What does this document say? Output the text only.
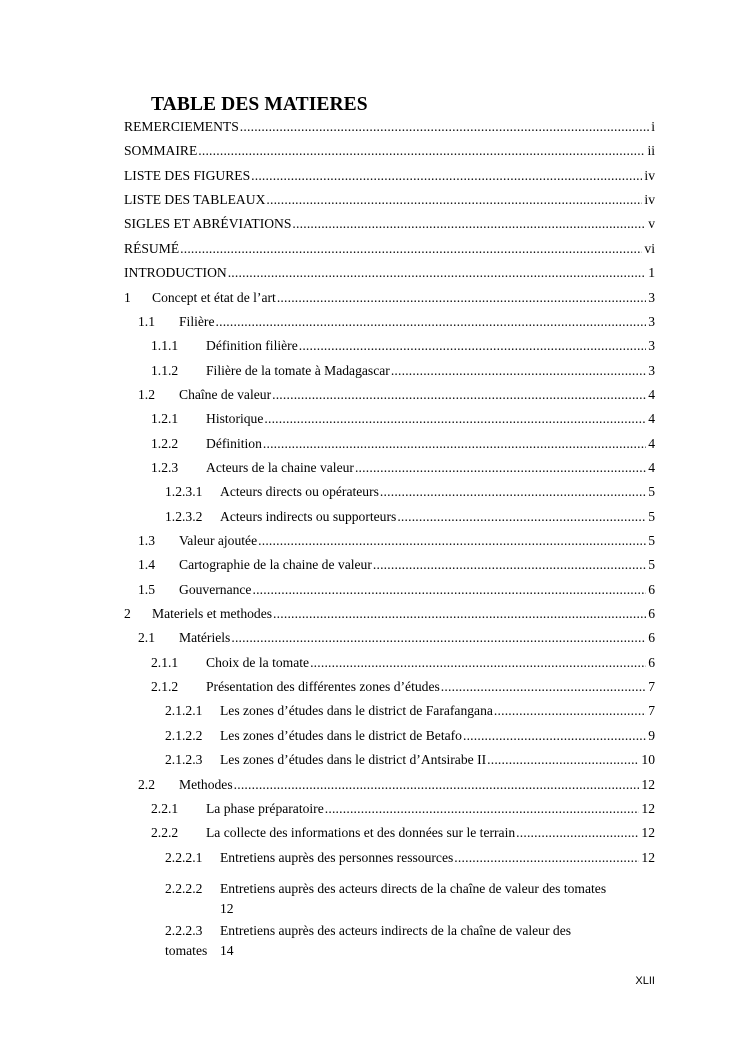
TABLE DES MATIERES
REMERCIEMENTS .....	i
SOMMAIRE .....	ii
LISTE DES FIGURES .....	iv
LISTE DES TABLEAUX .....	iv
SIGLES ET ABRÉVIATIONS .....	v
RÉSUMÉ .....	vi
INTRODUCTION .....	1
1	Concept et état de l’art .....	3
1.1	Filière .....	3
1.1.1	Définition filière .....	3
1.1.2	Filière de la tomate à Madagascar .....	3
1.2	Chaîne de valeur .....	4
1.2.1	Historique .....	4
1.2.2	Définition .....	4
1.2.3	Acteurs de la chaine valeur .....	4
1.2.3.1	Acteurs directs ou opérateurs .....	5
1.2.3.2	Acteurs indirects ou supporteurs .....	5
1.3	Valeur ajoutée .....	5
1.4	Cartographie de la chaine de valeur .....	5
1.5	Gouvernance .....	6
2	Materiels et methodes .....	6
2.1	Matériels .....	6
2.1.1	Choix de la tomate .....	6
2.1.2	Présentation des différentes zones d’études .....	7
2.1.2.1	Les zones d’études dans le district de Farafangana .....	7
2.1.2.2	Les zones d’études dans le district de Betafo .....	9
2.1.2.3	Les zones d’études dans le district d’Antsirabe II .....	10
2.2	Methodes .....	12
2.2.1	La phase préparatoire .....	12
2.2.2	La collecte des informations et des données sur le terrain .....	12
2.2.2.1	Entretiens auprès des personnes ressources .....	12
2.2.2.2	Entretiens auprès des acteurs directs de la chaîne de valeur des tomates
12
2.2.2.3	Entretiens auprès des acteurs indirects de la chaîne de valeur des
tomates 14
XLII
